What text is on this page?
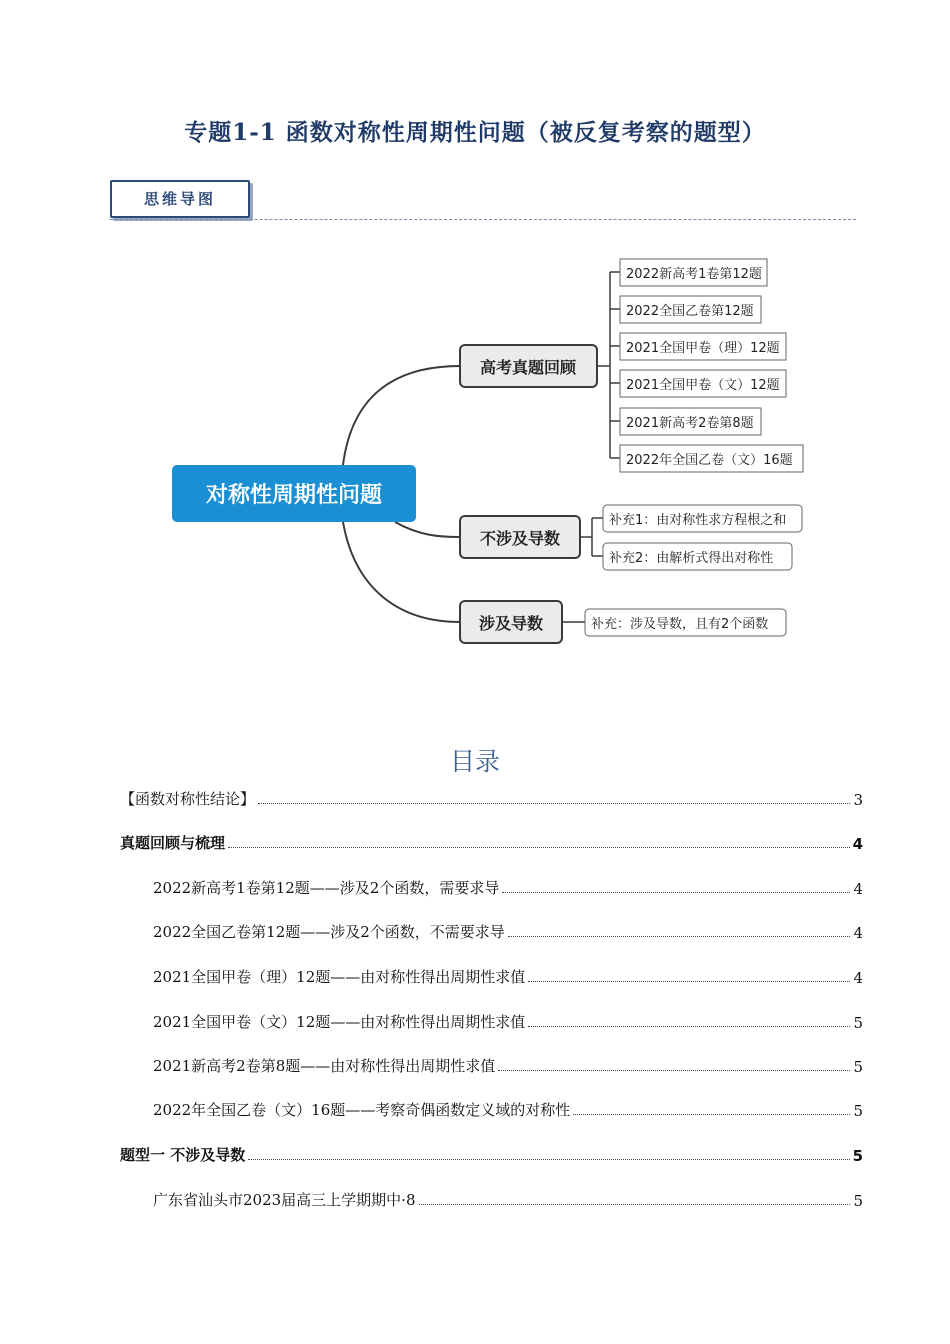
专题1-1 函数对称性周期性问题（被反复考察的题型）
思维导图
对称性周期性问题
高考真题回顾
不涉及导数
涉及导数
2022新高考1卷第12题
2022全国乙卷第12题
2021全国甲卷（理）12题
2021全国甲卷（文）12题
2021新高考2卷第8题
2022年全国乙卷（文）16题
补充1：由对称性求方程根之和
补充2：由解析式得出对称性
补充：涉及导数，且有2个函数
目录
【函数对称性结论】	3
真题回顾与梳理	4
2022新高考1卷第12题——涉及2个函数，需要求导	4
2022全国乙卷第12题——涉及2个函数，不需要求导	4
2021全国甲卷（理）12题——由对称性得出周期性求值	4
2021全国甲卷（文）12题——由对称性得出周期性求值	5
2021新高考2卷第8题——由对称性得出周期性求值	5
2022年全国乙卷（文）16题——考察奇偶函数定义域的对称性	5
题型一 不涉及导数	5
广东省汕头市2023届高三上学期期中·8	5
